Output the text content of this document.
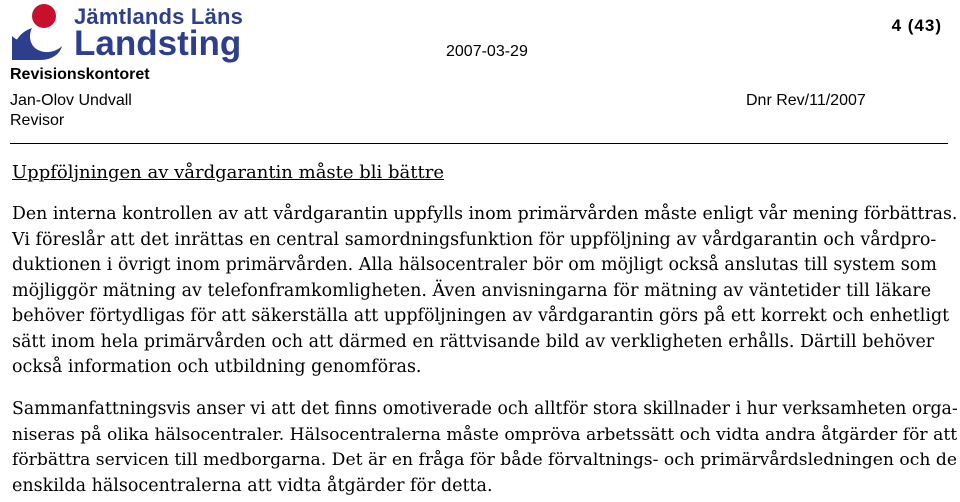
Jämtlands Läns
Landsting	4 (43)
2007-03-29
Revisionskontoret
Jan-Olov Undvall	Dnr Rev/11/2007
Revisor
Uppföljningen av vårdgarantin måste bli bättre
Den interna kontrollen av att vårdgarantin uppfylls inom primärvården måste enligt vår mening förbättras.
Vi föreslår att det inrättas en central samordningsfunktion för uppföljning av vårdgarantin och vårdpro-
duktionen i övrigt inom primärvården. Alla hälsocentraler bör om möjligt också anslutas till system som
möjliggör mätning av telefonframkomligheten. Även anvisningarna för mätning av väntetider till läkare
behöver förtydligas för att säkerställa att uppföljningen av vårdgarantin görs på ett korrekt och enhetligt
sätt inom hela primärvården och att därmed en rättvisande bild av verkligheten erhålls. Därtill behöver
också information och utbildning genomföras.
Sammanfattningsvis anser vi att det finns omotiverade och alltför stora skillnader i hur verksamheten orga-
niseras på olika hälsocentraler. Hälsocentralerna måste ompröva arbetssätt och vidta andra åtgärder för att
förbättra servicen till medborgarna. Det är en fråga för både förvaltnings- och primärvårdsledningen och de
enskilda hälsocentralerna att vidta åtgärder för detta.
